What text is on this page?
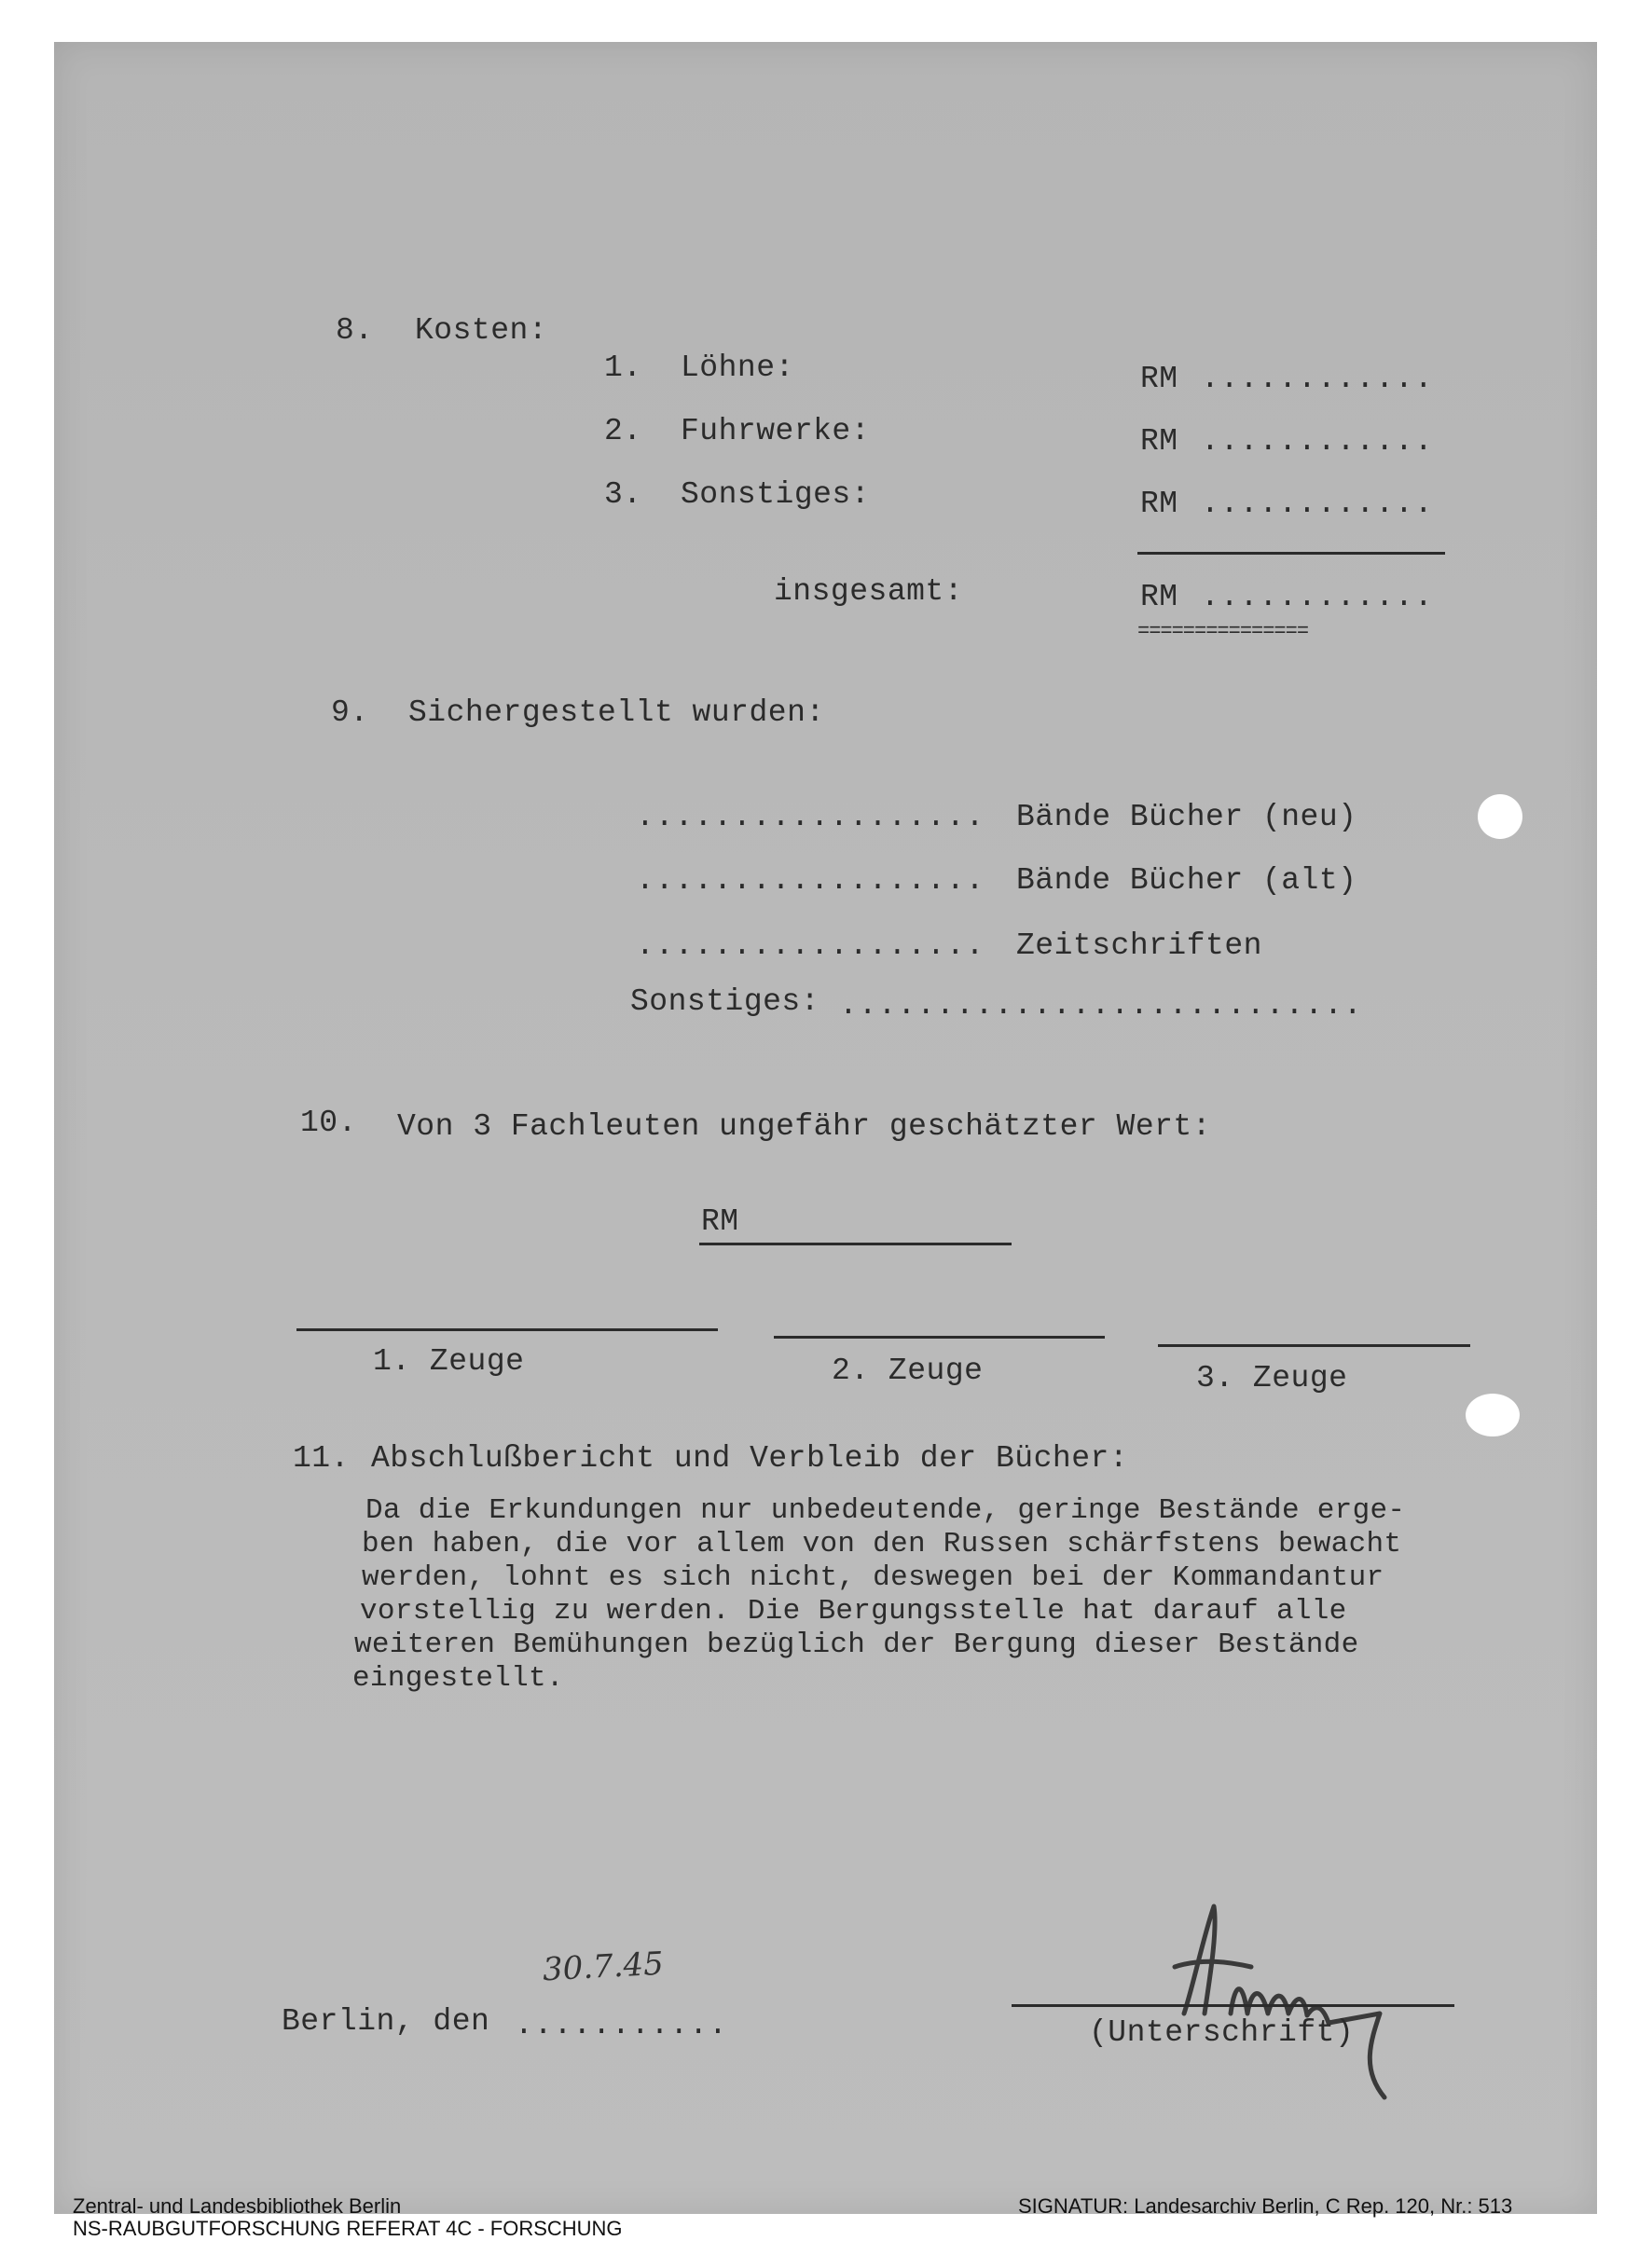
8. Kosten:
1. Löhne:	RM ............
2. Fuhrwerke:	RM ............
3. Sonstiges:	RM ............
insgesamt:	RM ............
===============
9. Sichergestellt wurden:
.................. Bände Bücher (neu)
.................. Bände Bücher (alt)
.................. Zeitschriften
Sonstiges: ...........................
10. Von 3 Fachleuten ungefähr geschätzter Wert:
RM
1. Zeuge	2. Zeuge	3. Zeuge
11. Abschlußbericht und Verbleib der Bücher:
Da die Erkundungen nur unbedeutende, geringe Bestände erge-
ben haben, die vor allem von den Russen schärfstens bewacht
werden, lohnt es sich nicht, deswegen bei der Kommandantur
vorstellig zu werden. Die Bergungsstelle hat darauf alle
weiteren Bemühungen bezüglich der Bergung dieser Bestände
eingestellt.
30.7.45
Berlin, den ...........	(Unterschrift)
Zentral- und Landesbibliothek Berlin
NS-RAUBGUTFORSCHUNG REFERAT 4C - FORSCHUNG
SIGNATUR: Landesarchiv Berlin, C Rep. 120, Nr.: 513
